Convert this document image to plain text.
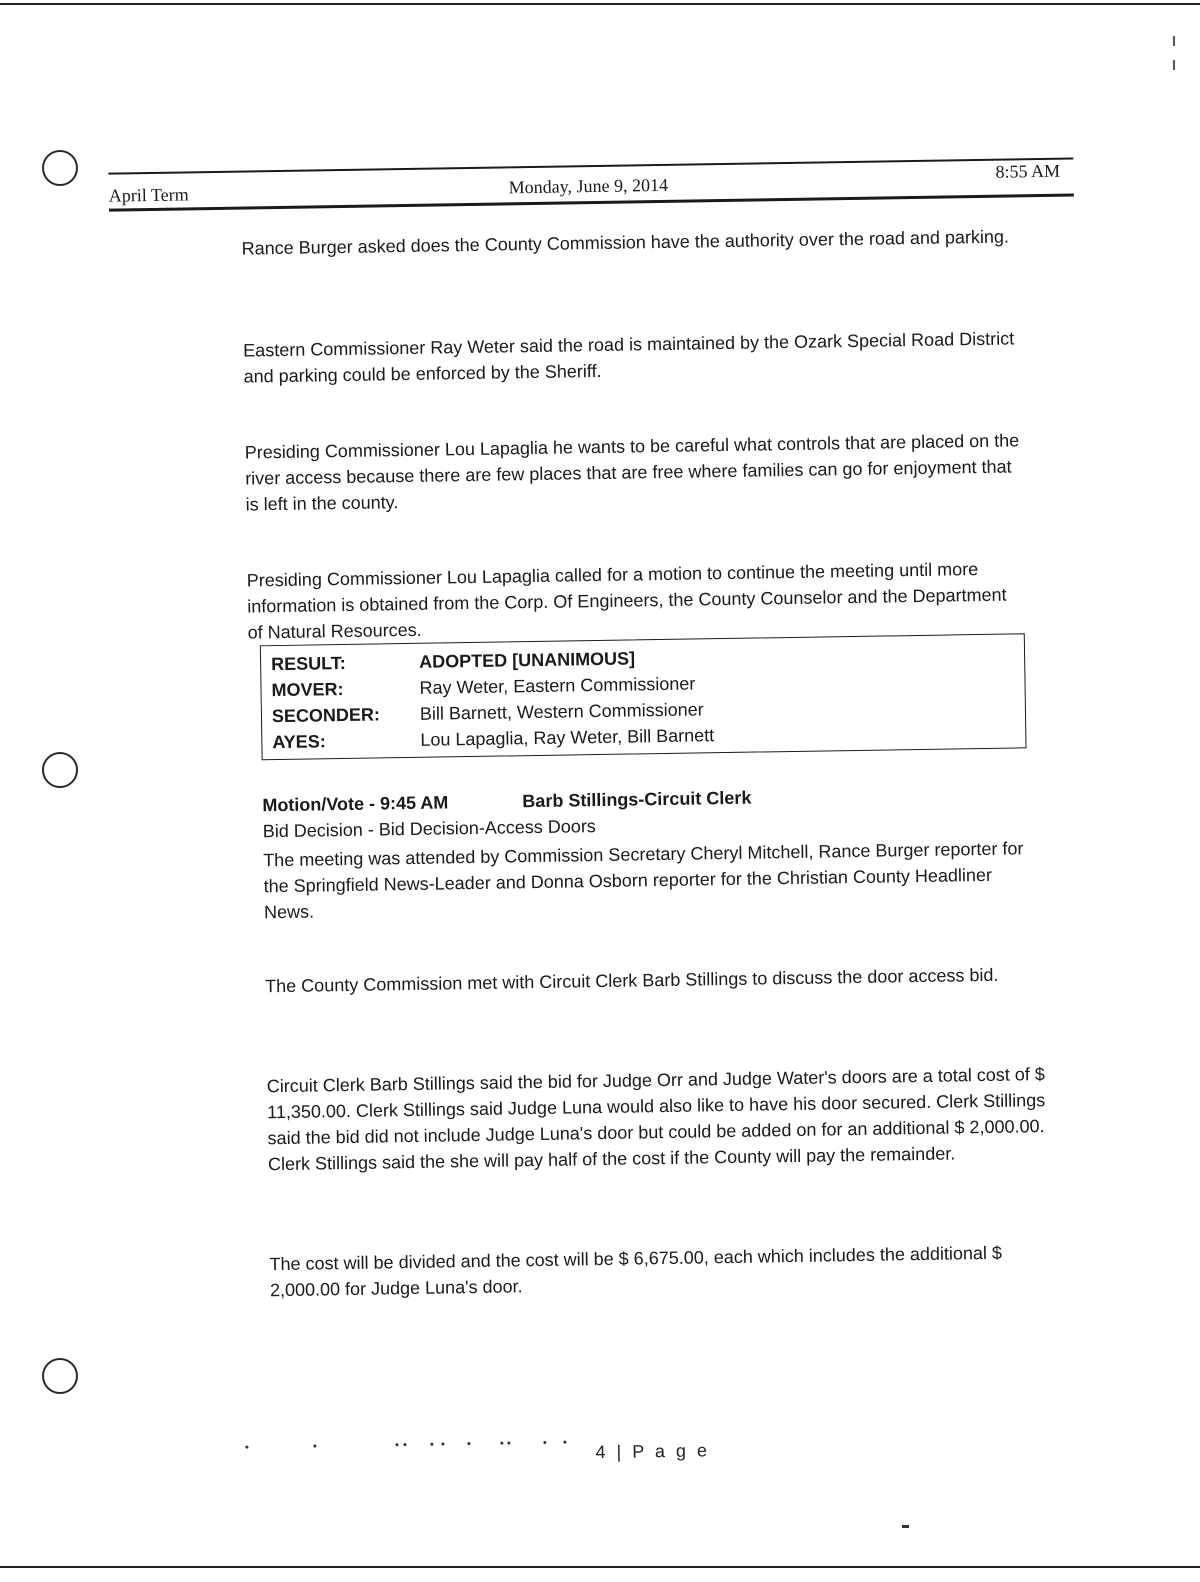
April Term	Monday, June 9, 2014
8:55 AM
Rance Burger asked does the County Commission have the authority over the road and parking.
Eastern Commissioner Ray Weter said the road is maintained by the Ozark Special Road District and parking could be enforced by the Sheriff.
Presiding Commissioner Lou Lapaglia he wants to be careful what controls that are placed on the river access because there are few places that are free where families can go for enjoyment that is left in the county.
Presiding Commissioner Lou Lapaglia called for a motion to continue the meeting until more information is obtained from the Corp. Of Engineers, the County Counselor and the Department of Natural Resources.
RESULT:	ADOPTED [UNANIMOUS]
MOVER:	Ray Weter, Eastern Commissioner
SECONDER:	Bill Barnett, Western Commissioner
AYES:	Lou Lapaglia, Ray Weter, Bill Barnett
Motion/Vote - 9:45 AM	Barb Stillings-Circuit Clerk
Bid Decision - Bid Decision-Access Doors
The meeting was attended by Commission Secretary Cheryl Mitchell, Rance Burger reporter for the Springfield News-Leader and Donna Osborn reporter for the Christian County Headliner News.
The County Commission met with Circuit Clerk Barb Stillings to discuss the door access bid.
Circuit Clerk Barb Stillings said the bid for Judge Orr and Judge Water's doors are a total cost of $ 11,350.00. Clerk Stillings said Judge Luna would also like to have his door secured. Clerk Stillings said the bid did not include Judge Luna's door but could be added on for an additional $ 2,000.00. Clerk Stillings said the she will pay half of the cost if the County will pay the remainder.
The cost will be divided and the cost will be $ 6,675.00, each which includes the additional $ 2,000.00 for Judge Luna's door.
4 | P a g e
